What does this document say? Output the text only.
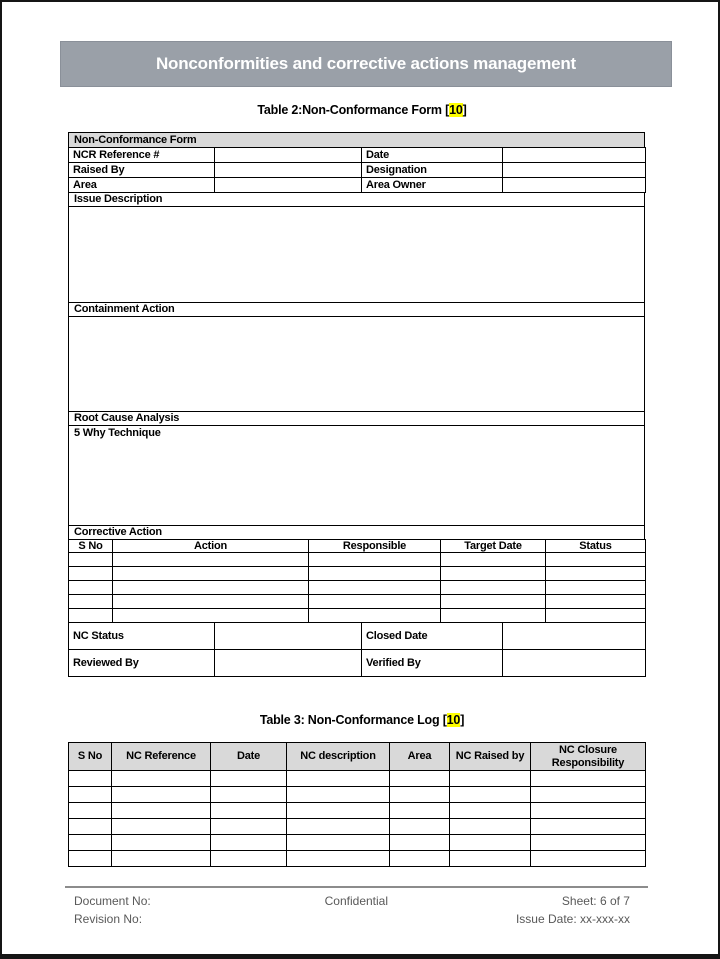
Nonconformities and corrective actions management
Table 2:Non-Conformance Form [10]
Non-Conformance Form
NCR Reference #		Date	
Raised By		Designation	
Area		Area Owner	
Issue Description
Containment Action
Root Cause Analysis
5 Why Technique
Corrective Action
S No	Action	Responsible	Target Date	Status

NC Status		Closed Date	
Reviewed By		Verified By	
Table 3: Non-Conformance Log [10]
S No	NC Reference	Date	NC description	Area	NC Raised by	NC Closure Responsibility

Document No:	Confidential	Sheet: 6 of 7
Revision No:	Issue Date: xx-xxx-xx
